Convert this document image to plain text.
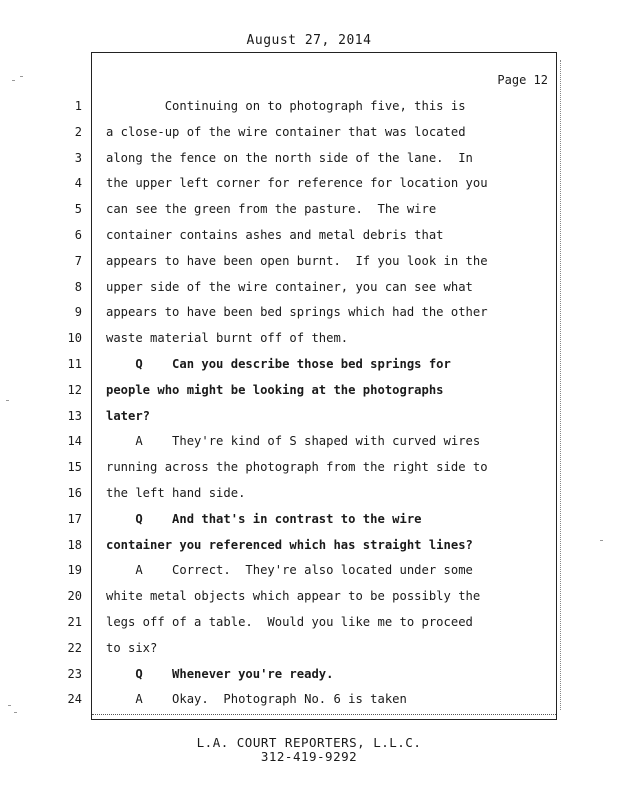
August 27, 2014
Page 12
1 Continuing on to photograph five, this is
2 a close-up of the wire container that was located
3 along the fence on the north side of the lane.  In
4 the upper left corner for reference for location you
5 can see the green from the pasture.  The wire
6 container contains ashes and metal debris that
7 appears to have been open burnt.  If you look in the
8 upper side of the wire container, you can see what
9 appears to have been bed springs which had the other
10 waste material burnt off of them.
11 Q    Can you describe those bed springs for
12 people who might be looking at the photographs
13 later?
14 A    They're kind of S shaped with curved wires
15 running across the photograph from the right side to
16 the left hand side.
17 Q    And that's in contrast to the wire
18 container you referenced which has straight lines?
19 A    Correct.  They're also located under some
20 white metal objects which appear to be possibly the
21 legs off of a table.  Would you like me to proceed
22 to six?
23 Q    Whenever you're ready.
24 A    Okay.  Photograph No. 6 is taken
L.A. COURT REPORTERS, L.L.C.
312-419-9292
